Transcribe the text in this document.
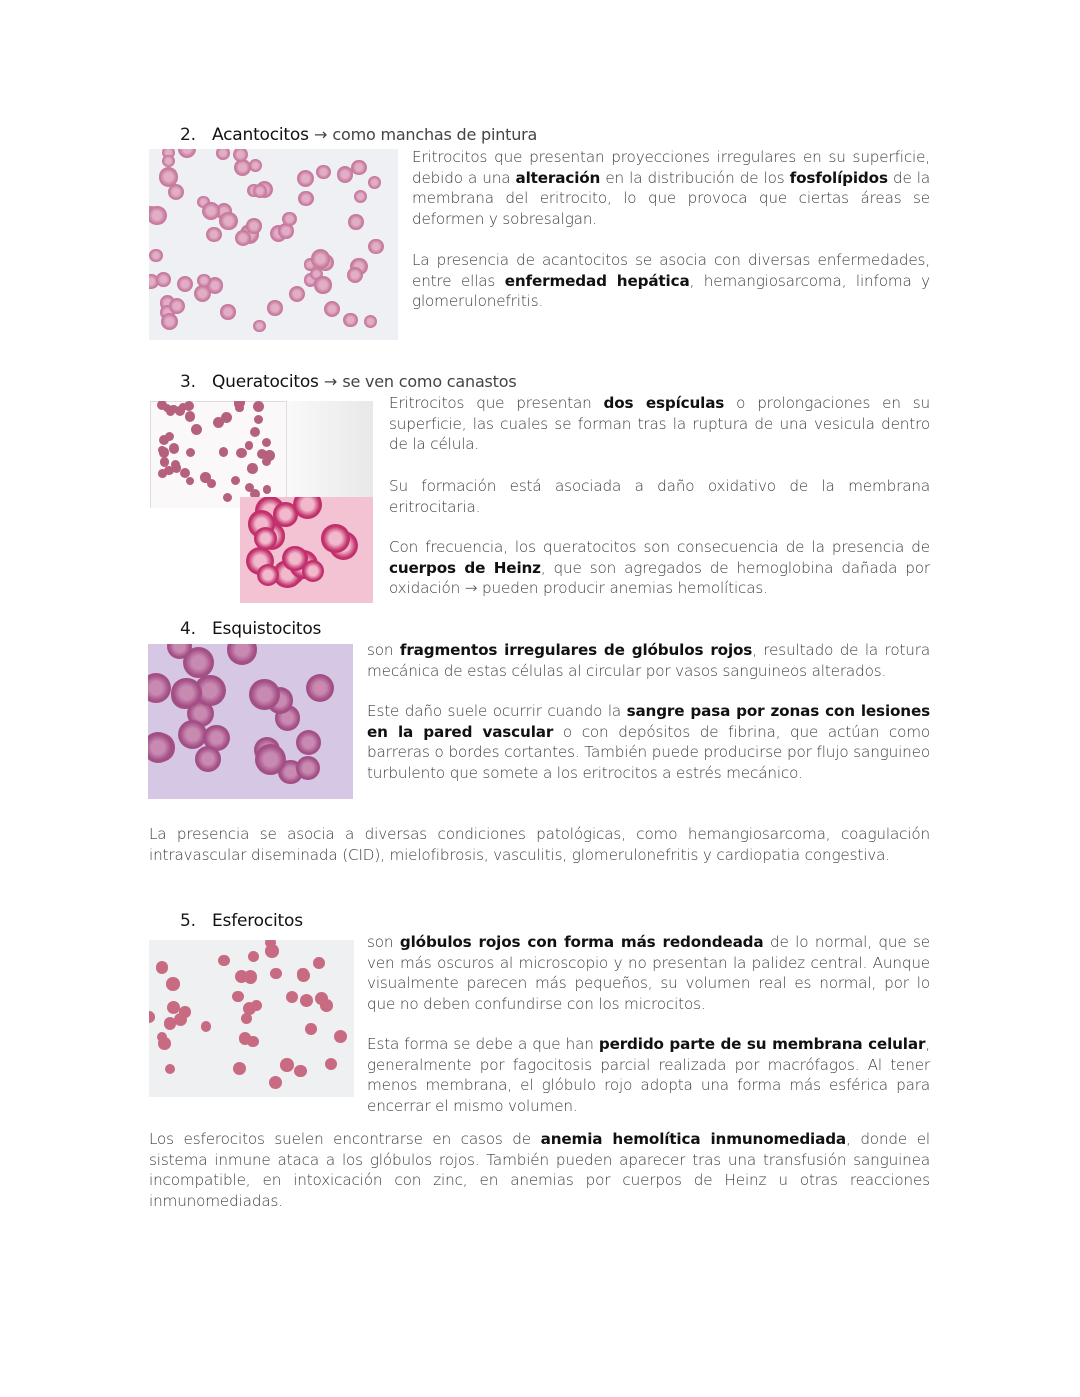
2. Acantocitos → como manchas de pintura
Eritrocitos que presentan proyecciones irregulares en su superficie, debido a una alteración en la distribución de los fosfolípidos de la membrana del eritrocito, lo que provoca que ciertas áreas se deformen y sobresalgan.
La presencia de acantocitos se asocia con diversas enfermedades, entre ellas enfermedad hepática, hemangiosarcoma, linfoma y glomerulonefritis.
3. Queratocitos → se ven como canastos
Eritrocitos que presentan dos espículas o prolongaciones en su superficie, las cuales se forman tras la ruptura de una vesicula dentro de la célula.
Su formación está asociada a daño oxidativo de la membrana eritrocitaria.
Con frecuencia, los queratocitos son consecuencia de la presencia de cuerpos de Heinz, que son agregados de hemoglobina dañada por oxidación → pueden producir anemias hemolíticas.
4. Esquistocitos
son fragmentos irregulares de glóbulos rojos, resultado de la rotura mecánica de estas células al circular por vasos sanguineos alterados.
Este daño suele ocurrir cuando la sangre pasa por zonas con lesiones en la pared vascular o con depósitos de fibrina, que actúan como barreras o bordes cortantes. También puede producirse por flujo sanguineo turbulento que somete a los eritrocitos a estrés mecánico.
La presencia se asocia a diversas condiciones patológicas, como hemangiosarcoma, coagulación intravascular diseminada (CID), mielofibrosis, vasculitis, glomerulonefritis y cardiopatia congestiva.
5. Esferocitos
son glóbulos rojos con forma más redondeada de lo normal, que se ven más oscuros al microscopio y no presentan la palidez central. Aunque visualmente parecen más pequeños, su volumen real es normal, por lo que no deben confundirse con los microcitos.
Esta forma se debe a que han perdido parte de su membrana celular, generalmente por fagocitosis parcial realizada por macrófagos. Al tener menos membrana, el glóbulo rojo adopta una forma más esférica para encerrar el mismo volumen.
Los esferocitos suelen encontrarse en casos de anemia hemolítica inmunomediada, donde el sistema inmune ataca a los glóbulos rojos. También pueden aparecer tras una transfusión sanguinea incompatible, en intoxicación con zinc, en anemias por cuerpos de Heinz u otras reacciones inmunomediadas.
